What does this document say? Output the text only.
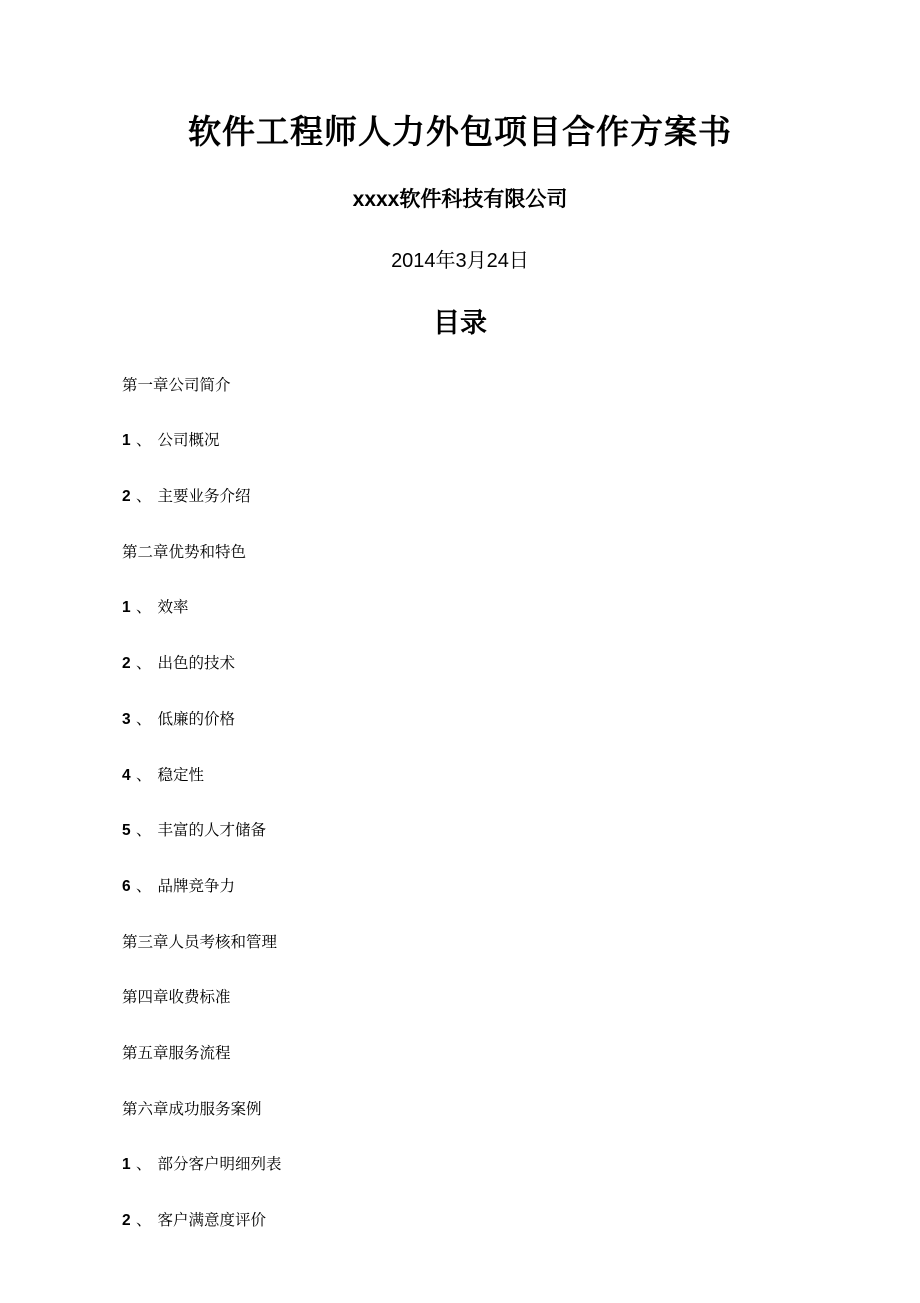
软件工程师人力外包项目合作方案书

xxxx软件科技有限公司

2014年3月24日

目录

第一章公司简介

1 、 公司概况
2 、 主要业务介绍

第二章优势和特色

1 、 效率
2 、 出色的技术
3 、 低廉的价格
4 、 稳定性
5 、 丰富的人才储备
6 、 品牌竞争力

第三章人员考核和管理

第四章收费标准

第五章服务流程

第六章成功服务案例

1 、 部分客户明细列表
2 、 客户满意度评价
